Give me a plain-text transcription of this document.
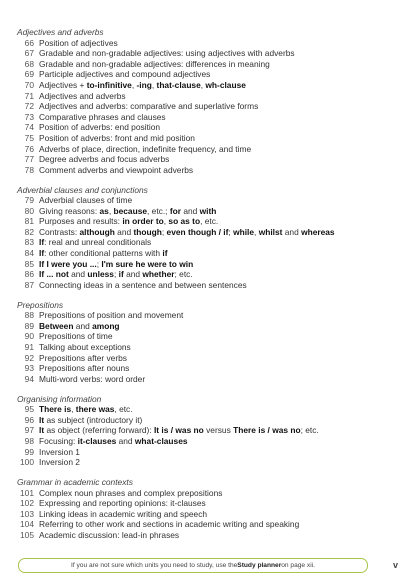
Adjectives and adverbs
66 Position of adjectives
67 Gradable and non-gradable adjectives: using adjectives with adverbs
68 Gradable and non-gradable adjectives: differences in meaning
69 Participle adjectives and compound adjectives
70 Adjectives + to-infinitive, -ing, that-clause, wh-clause
71 Adjectives and adverbs
72 Adjectives and adverbs: comparative and superlative forms
73 Comparative phrases and clauses
74 Position of adverbs: end position
75 Position of adverbs: front and mid position
76 Adverbs of place, direction, indefinite frequency, and time
77 Degree adverbs and focus adverbs
78 Comment adverbs and viewpoint adverbs
Adverbial clauses and conjunctions
79 Adverbial clauses of time
80 Giving reasons: as, because, etc.; for and with
81 Purposes and results: in order to, so as to, etc.
82 Contrasts: although and though; even though / if; while, whilst and whereas
83 If: real and unreal conditionals
84 If: other conditional patterns with if
85 If I were you ...; I'm sure he were to win
86 If ... not and unless; if and whether; etc.
87 Connecting ideas in a sentence and between sentences
Prepositions
88 Prepositions of position and movement
89 Between and among
90 Prepositions of time
91 Talking about exceptions
92 Prepositions after verbs
93 Prepositions after nouns
94 Multi-word verbs: word order
Organising information
95 There is, there was, etc.
96 It as subject (introductory it)
97 It as object (referring forward): It is / was no versus There is / was no; etc.
98 Focusing: it-clauses and what-clauses
99 Inversion 1
100 Inversion 2
Grammar in academic contexts
101 Complex noun phrases and complex prepositions
102 Expressing and reporting opinions: it-clauses
103 Linking ideas in academic writing and speech
104 Referring to other work and sections in academic writing and speaking
105 Academic discussion: lead-in phrases
If you are not sure which units you need to study, use the Study planner on page xii.	v
